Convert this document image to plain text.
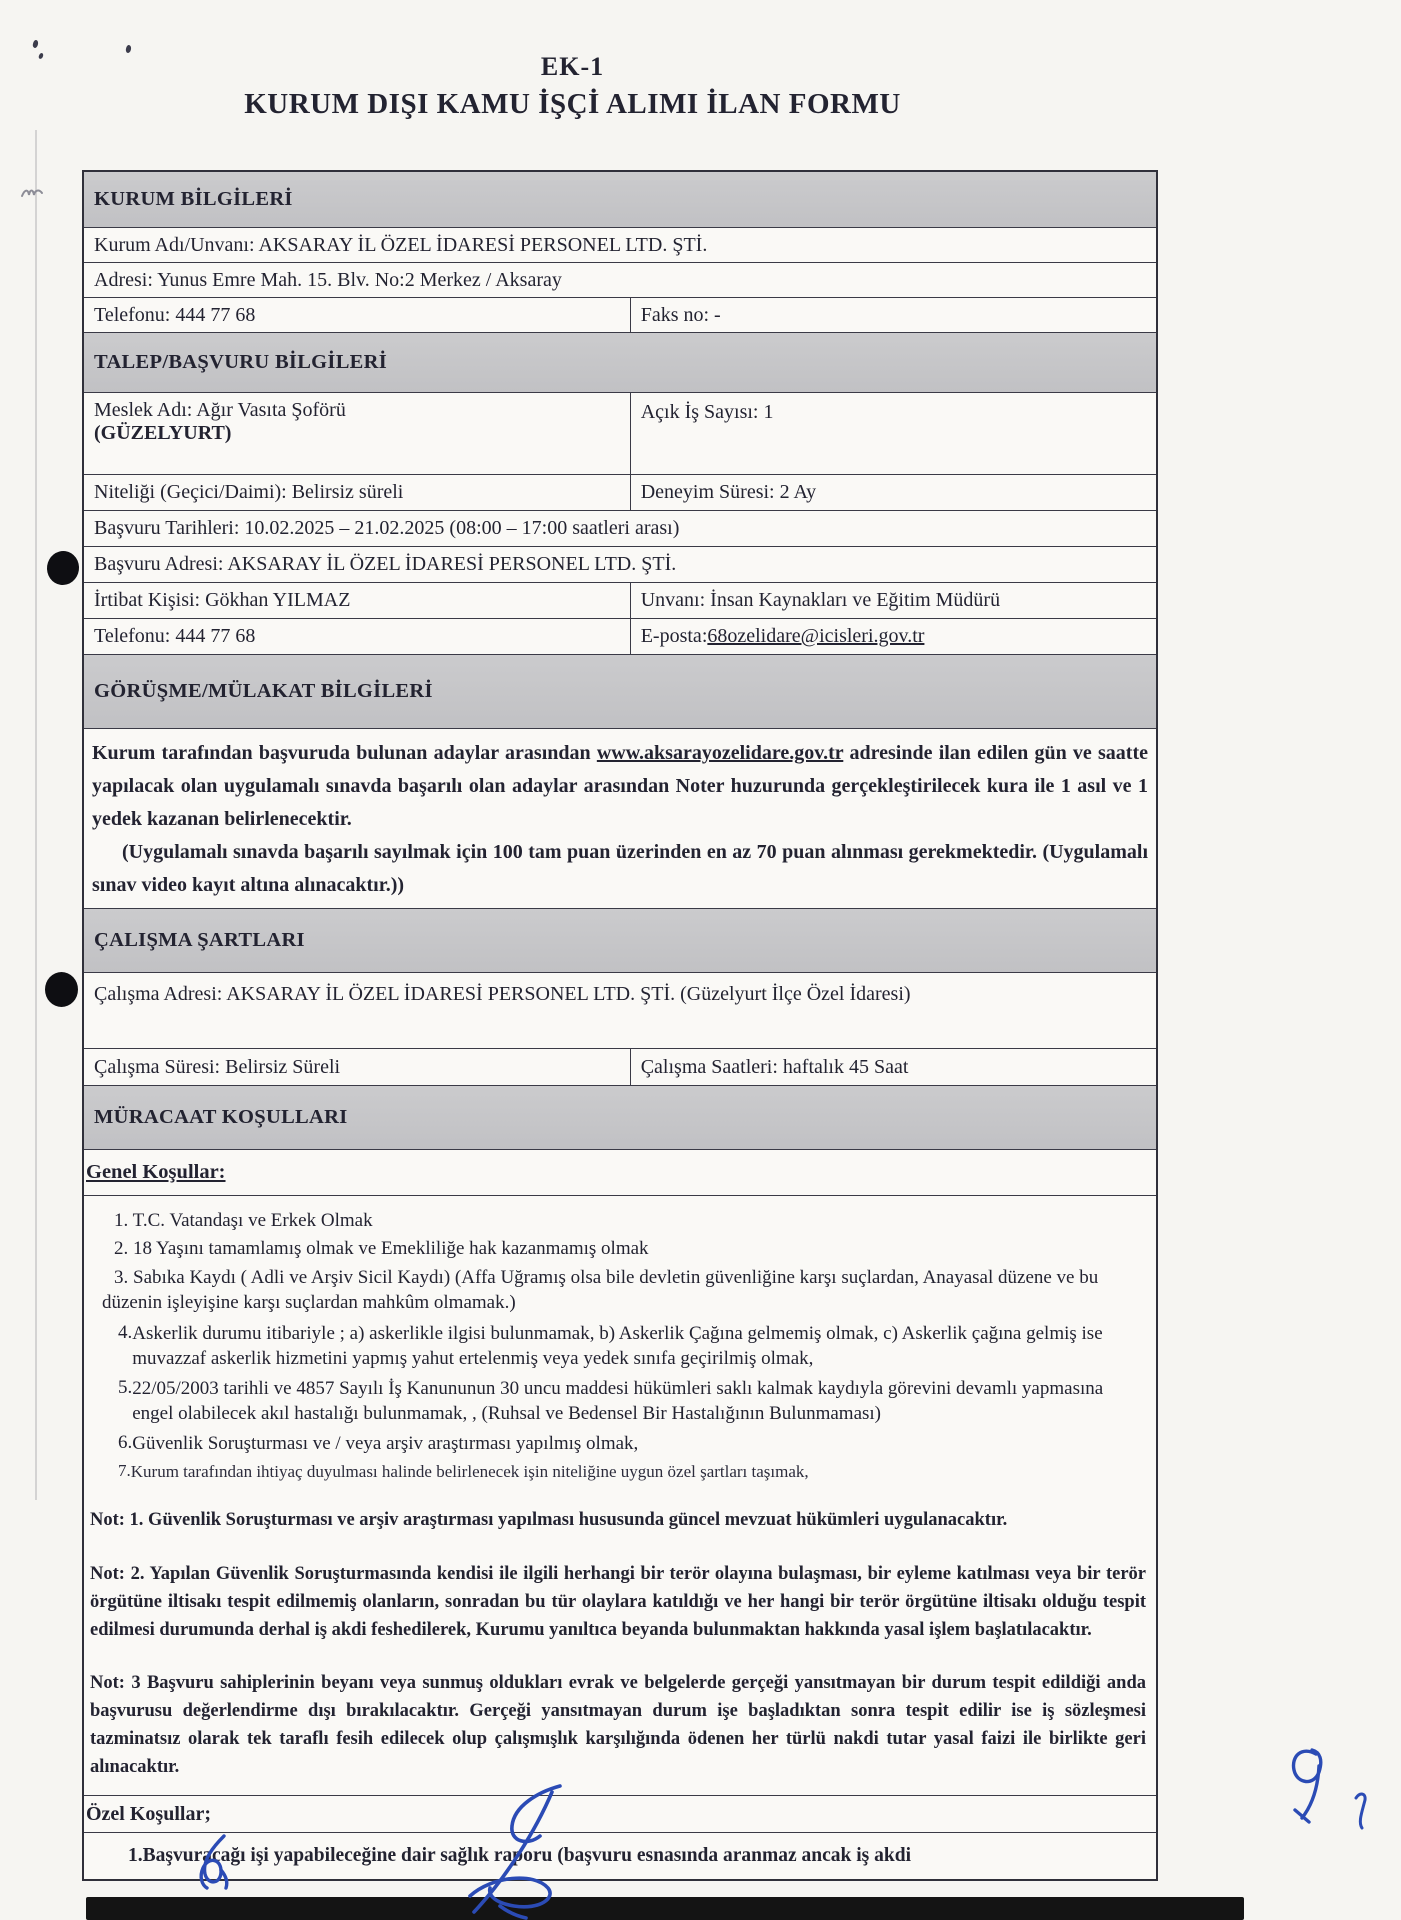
EK-1
KURUM DIŞI KAMU İŞÇİ ALIMI İLAN FORMU
KURUM BİLGİLERİ
Kurum Adı/Unvanı: AKSARAY İL ÖZEL İDARESİ PERSONEL LTD. ŞTİ.
Adresi: Yunus Emre Mah. 15. Blv. No:2 Merkez / Aksaray
Telefonu: 444 77 68	Faks no: -
TALEP/BAŞVURU BİLGİLERİ
Meslek Adı: Ağır Vasıta Şoförü
(GÜZELYURT)
Açık İş Sayısı: 1
Niteliği (Geçici/Daimi): Belirsiz süreli	Deneyim Süresi: 2 Ay
Başvuru Tarihleri: 10.02.2025 – 21.02.2025 (08:00 – 17:00 saatleri arası)
Başvuru Adresi: AKSARAY İL ÖZEL İDARESİ PERSONEL LTD. ŞTİ.
İrtibat Kişisi: Gökhan YILMAZ	Unvanı: İnsan Kaynakları ve Eğitim Müdürü
Telefonu: 444 77 68	E-posta: 68ozelidare@icisleri.gov.tr
GÖRÜŞME/MÜLAKAT BİLGİLERİ
Kurum tarafından başvuruda bulunan adaylar arasından www.aksarayozelidare.gov.tr adresinde ilan edilen gün ve saatte yapılacak olan uygulamalı sınavda başarılı olan adaylar arasından Noter huzurunda gerçekleştirilecek kura ile 1 asıl ve 1 yedek kazanan belirlenecektir.
(Uygulamalı sınavda başarılı sayılmak için 100 tam puan üzerinden en az 70 puan alınması gerekmektedir. (Uygulamalı sınav video kayıt altına alınacaktır.))
ÇALIŞMA ŞARTLARI
Çalışma Adresi: AKSARAY İL ÖZEL İDARESİ PERSONEL LTD. ŞTİ. (Güzelyurt İlçe Özel İdaresi)
Çalışma Süresi: Belirsiz Süreli	Çalışma Saatleri: haftalık 45 Saat
MÜRACAAT KOŞULLARI
Genel Koşullar:
1. T.C. Vatandaşı ve Erkek Olmak
2. 18 Yaşını tamamlamış olmak ve Emekliliğe hak kazanmamış olmak
3. Sabıka Kaydı ( Adli ve Arşiv Sicil Kaydı) (Affa Uğramış olsa bile devletin güvenliğine karşı suçlardan, Anayasal düzene ve bu düzenin işleyişine karşı suçlardan mahkûm olmamak.)
4. Askerlik durumu itibariyle ; a) askerlikle ilgisi bulunmamak, b) Askerlik Çağına gelmemiş olmak, c) Askerlik çağına gelmiş ise muvazzaf askerlik hizmetini yapmış yahut ertelenmiş veya yedek sınıfa geçirilmiş olmak,
5. 22/05/2003 tarihli ve 4857 Sayılı İş Kanununun 30 uncu maddesi hükümleri saklı kalmak kaydıyla görevini devamlı yapmasına engel olabilecek akıl hastalığı bulunmamak, , (Ruhsal ve Bedensel Bir Hastalığının Bulunmaması)
6. Güvenlik Soruşturması ve / veya arşiv araştırması yapılmış olmak,
7. Kurum tarafından ihtiyaç duyulması halinde belirlenecek işin niteliğine uygun özel şartları taşımak,
Not: 1. Güvenlik Soruşturması ve arşiv araştırması yapılması hususunda güncel mevzuat hükümleri uygulanacaktır.
Not: 2. Yapılan Güvenlik Soruşturmasında kendisi ile ilgili herhangi bir terör olayına bulaşması, bir eyleme katılması veya bir terör örgütüne iltisakı tespit edilmemiş olanların, sonradan bu tür olaylara katıldığı ve her hangi bir terör örgütüne iltisakı olduğu tespit edilmesi durumunda derhal iş akdi feshedilerek, Kurumu yanıltıca beyanda bulunmaktan hakkında yasal işlem başlatılacaktır.
Not: 3 Başvuru sahiplerinin beyanı veya sunmuş oldukları evrak ve belgelerde gerçeği yansıtmayan bir durum tespit edildiği anda başvurusu değerlendirme dışı bırakılacaktır. Gerçeği yansıtmayan durum işe başladıktan sonra tespit edilir ise iş sözleşmesi tazminatsız olarak tek taraflı fesih edilecek olup çalışmışlık karşılığında ödenen her türlü nakdi tutar yasal faizi ile birlikte geri alınacaktır.
Özel Koşullar;
1. Başvuracağı işi yapabileceğine dair sağlık raporu (başvuru esnasında aranmaz ancak iş akdi
